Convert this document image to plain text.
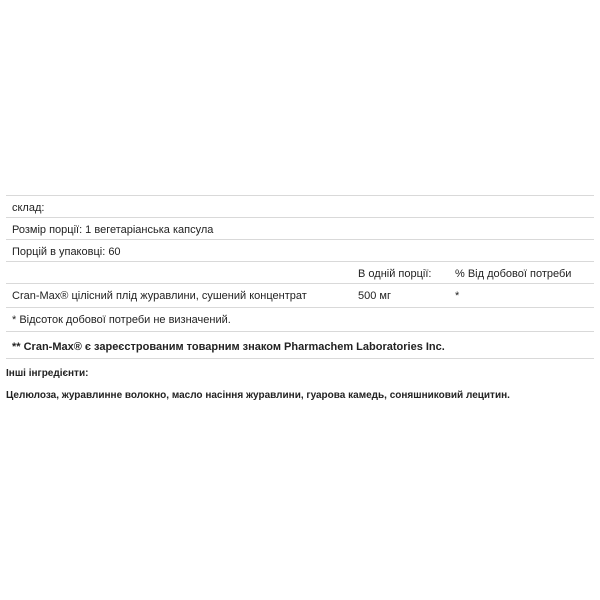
склад:
Розмір порції: 1 вегетаріанська капсула
Порцій в упаковці: 60
В одній порції: % Від добової потреби
Cran-Max® цілісний плід журавлини, сушений концентрат	500 мг	*
* Відсоток добової потреби не визначений.
** Cran-Max® є зареєстрованим товарним знаком Pharmachem Laboratories Inc.
Інші інгредієнти:
Целюлоза, журавлинне волокно, масло насіння журавлини, гуарова камедь, соняшниковий лецитин.
